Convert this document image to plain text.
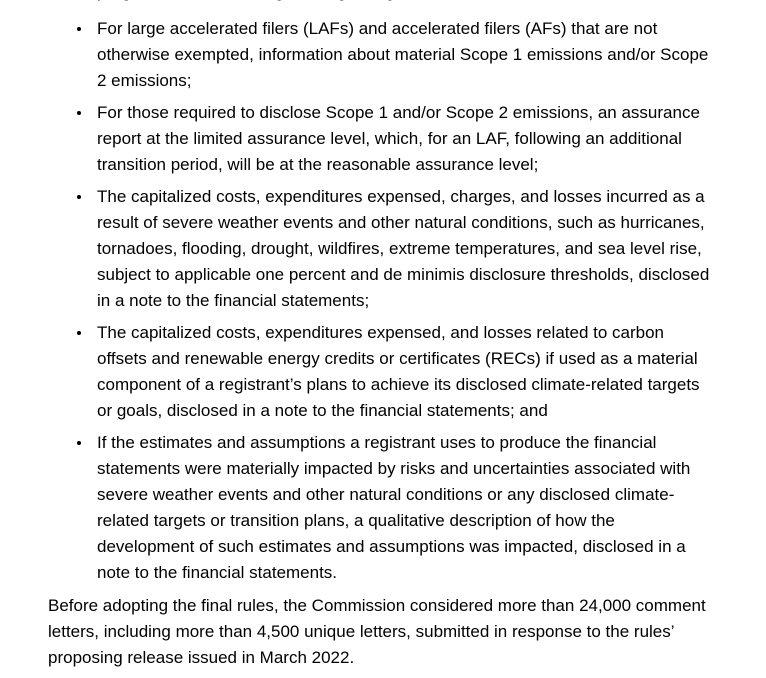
For large accelerated filers (LAFs) and accelerated filers (AFs) that are not otherwise exempted, information about material Scope 1 emissions and/or Scope 2 emissions;
For those required to disclose Scope 1 and/or Scope 2 emissions, an assurance report at the limited assurance level, which, for an LAF, following an additional transition period, will be at the reasonable assurance level;
The capitalized costs, expenditures expensed, charges, and losses incurred as a result of severe weather events and other natural conditions, such as hurricanes, tornadoes, flooding, drought, wildfires, extreme temperatures, and sea level rise, subject to applicable one percent and de minimis disclosure thresholds, disclosed in a note to the financial statements;
The capitalized costs, expenditures expensed, and losses related to carbon offsets and renewable energy credits or certificates (RECs) if used as a material component of a registrant’s plans to achieve its disclosed climate-related targets or goals, disclosed in a note to the financial statements; and
If the estimates and assumptions a registrant uses to produce the financial statements were materially impacted by risks and uncertainties associated with severe weather events and other natural conditions or any disclosed climate-related targets or transition plans, a qualitative description of how the development of such estimates and assumptions was impacted, disclosed in a note to the financial statements.

Before adopting the final rules, the Commission considered more than 24,000 comment letters, including more than 4,500 unique letters, submitted in response to the rules’ proposing release issued in March 2022.
